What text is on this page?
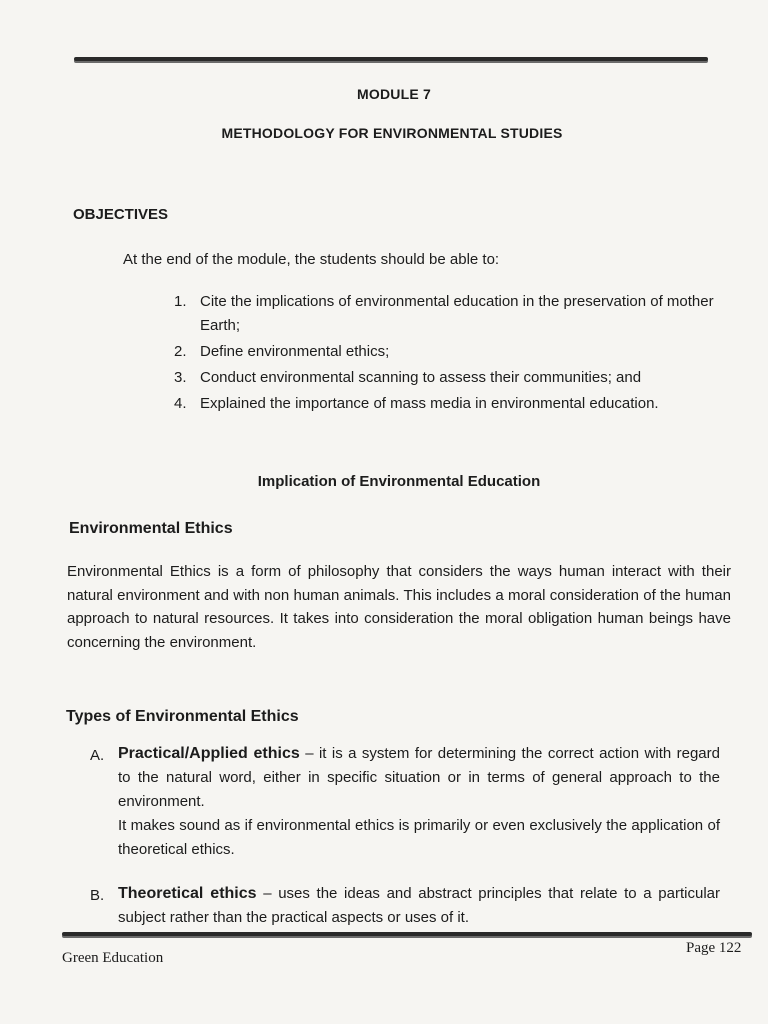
MODULE 7
METHODOLOGY FOR ENVIRONMENTAL STUDIES
OBJECTIVES
At the end of the module, the students should be able to:
1. Cite the implications of environmental education in the preservation of mother Earth;
2. Define environmental ethics;
3. Conduct environmental scanning to assess their communities; and
4. Explained the importance of mass media in environmental education.
Implication of Environmental Education
Environmental Ethics
Environmental Ethics is a form of philosophy that considers the ways human interact with their natural environment and with non human animals. This includes a moral consideration of the human approach to natural resources. It takes into consideration the moral obligation human beings have concerning the environment.
Types of Environmental Ethics
A. Practical/Applied ethics – it is a system for determining the correct action with regard to the natural word, either in specific situation or in terms of general approach to the environment.
It makes sound as if environmental ethics is primarily or even exclusively the application of theoretical ethics.
B. Theoretical ethics – uses the ideas and abstract principles that relate to a particular subject rather than the practical aspects or uses of it.
Green Education
Page 122
